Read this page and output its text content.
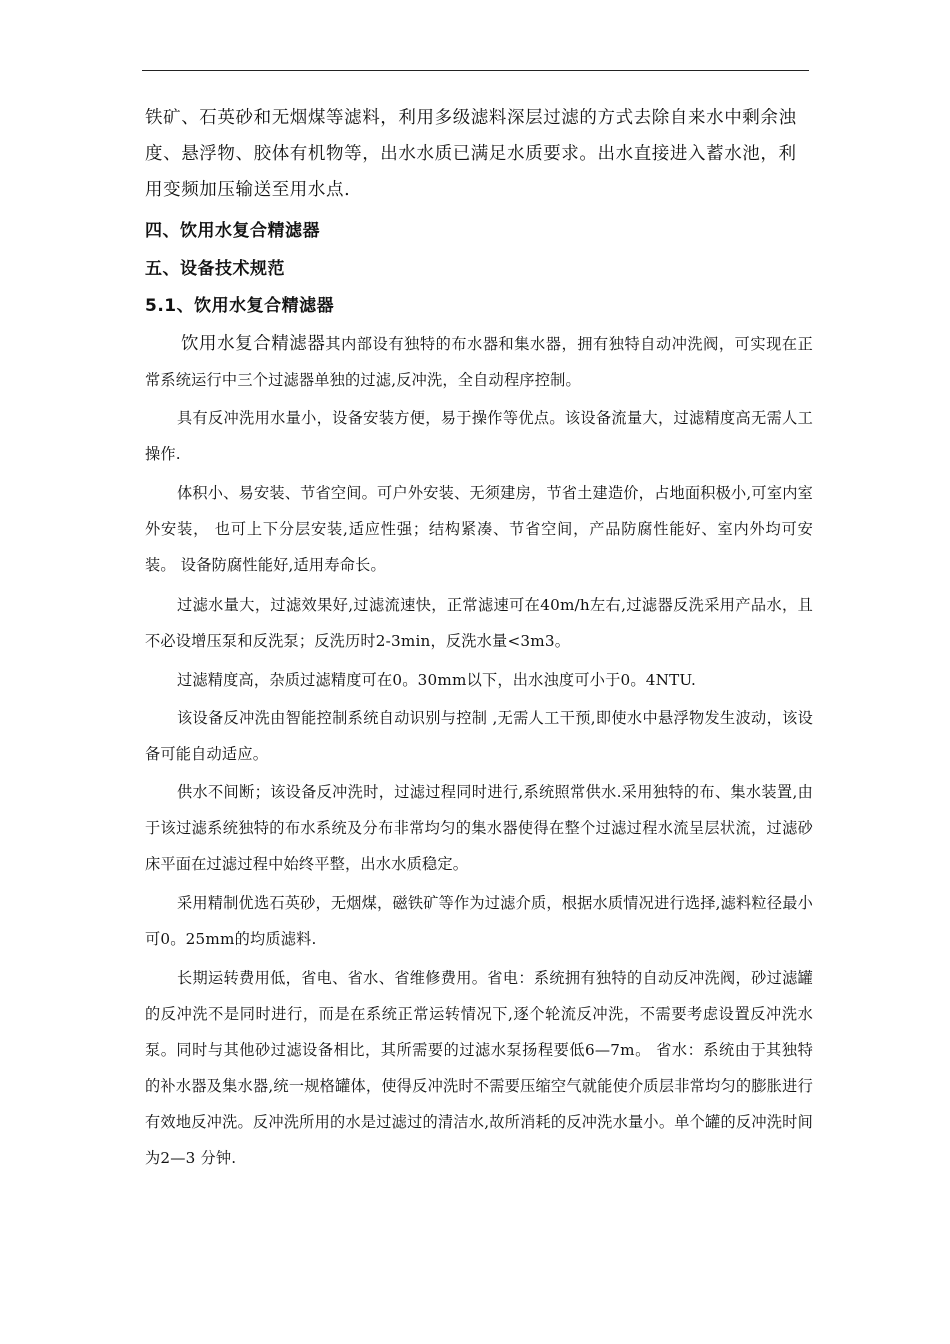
铁矿、石英砂和无烟煤等滤料，利用多级滤料深层过滤的方式去除自来水中剩余浊度、悬浮物、胶体有机物等，出水水质已满足水质要求。出水直接进入蓄水池，利用变频加压输送至用水点.

四、饮用水复合精滤器

五、设备技术规范

5.1、饮用水复合精滤器

饮用水复合精滤器其内部设有独特的布水器和集水器，拥有独特自动冲洗阀，可实现在正常系统运行中三个过滤器单独的过滤,反冲洗，全自动程序控制。

具有反冲洗用水量小，设备安装方便，易于操作等优点。该设备流量大，过滤精度高无需人工操作.

体积小、易安装、节省空间。可户外安装、无须建房，节省土建造价，占地面积极小,可室内室外安装， 也可上下分层安装,适应性强；结构紧凑、节省空间，产品防腐性能好、室内外均可安装。 设备防腐性能好,适用寿命长。

过滤水量大，过滤效果好,过滤流速快，正常滤速可在40m/h左右,过滤器反洗采用产品水，且不必设增压泵和反洗泵；反洗历时2-3min，反洗水量<3m3。

过滤精度高，杂质过滤精度可在0。30mm以下，出水浊度可小于0。4NTU.

该设备反冲洗由智能控制系统自动识别与控制 ,无需人工干预,即使水中悬浮物发生波动，该设备可能自动适应。

供水不间断；该设备反冲洗时，过滤过程同时进行,系统照常供水.采用独特的布、集水装置,由于该过滤系统独特的布水系统及分布非常均匀的集水器使得在整个过滤过程水流呈层状流，过滤砂床平面在过滤过程中始终平整，出水水质稳定。

采用精制优选石英砂，无烟煤，磁铁矿等作为过滤介质，根据水质情况进行选择,滤料粒径最小可0。25mm的均质滤料.

长期运转费用低，省电、省水、省维修费用。省电：系统拥有独特的自动反冲洗阀，砂过滤罐的反冲洗不是同时进行，而是在系统正常运转情况下,逐个轮流反冲洗，不需要考虑设置反冲洗水泵。同时与其他砂过滤设备相比，其所需要的过滤水泵扬程要低6—7m。 省水：系统由于其独特的补水器及集水器,统一规格罐体，使得反冲洗时不需要压缩空气就能使介质层非常均匀的膨胀进行有效地反冲洗。反冲洗所用的水是过滤过的清洁水,故所消耗的反冲洗水量小。单个罐的反冲洗时间为2—3 分钟.
